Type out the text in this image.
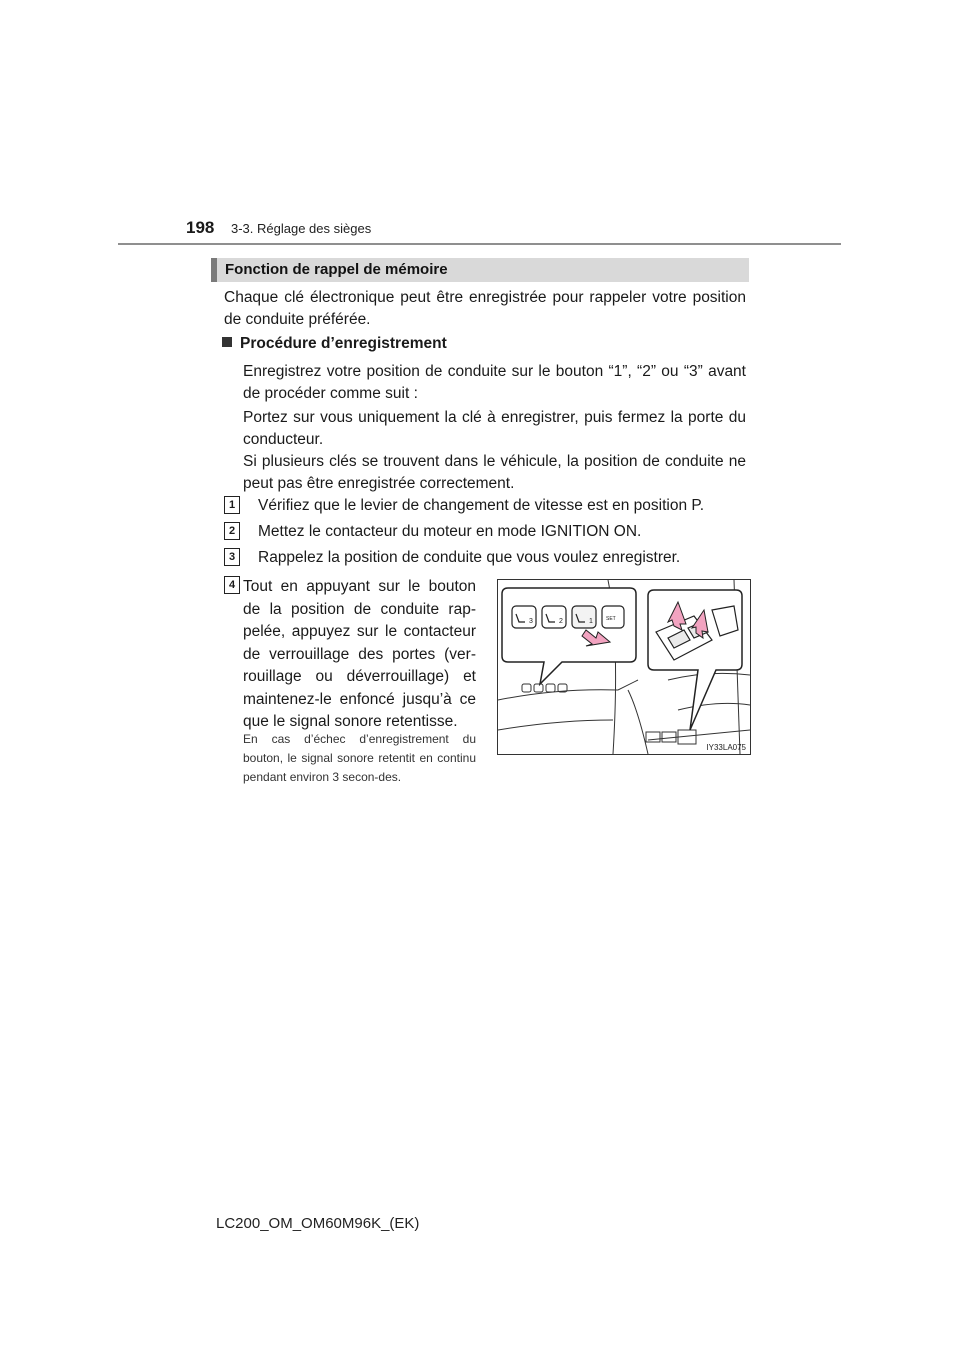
198 3-3. Réglage des sièges
Fonction de rappel de mémoire
Chaque clé électronique peut être enregistrée pour rappeler votre position de conduite préférée.
Procédure d’enregistrement
Enregistrez votre position de conduite sur le bouton “1”, “2” ou “3” avant de procéder comme suit :
Portez sur vous uniquement la clé à enregistrer, puis fermez la porte du conducteur.
Si plusieurs clés se trouvent dans le véhicule, la position de conduite ne peut pas être enregistrée correctement.
1	Vérifiez que le levier de changement de vitesse est en position P.
2	Mettez le contacteur du moteur en mode IGNITION ON.
3	Rappelez la position de conduite que vous voulez enregistrer.
4 Tout en appuyant sur le bouton de la position de conduite rap-pelée, appuyez sur le contacteur de verrouillage des portes (ver-rouillage ou déverrouillage) et maintenez-le enfoncé jusqu’à ce que le signal sonore retentisse.
En cas d’échec d’enregistrement du bouton, le signal sonore retentit en continu pendant environ 3 secon-des.
3	2	1	SET
IY33LA075
LC200_OM_OM60M96K_(EK)
